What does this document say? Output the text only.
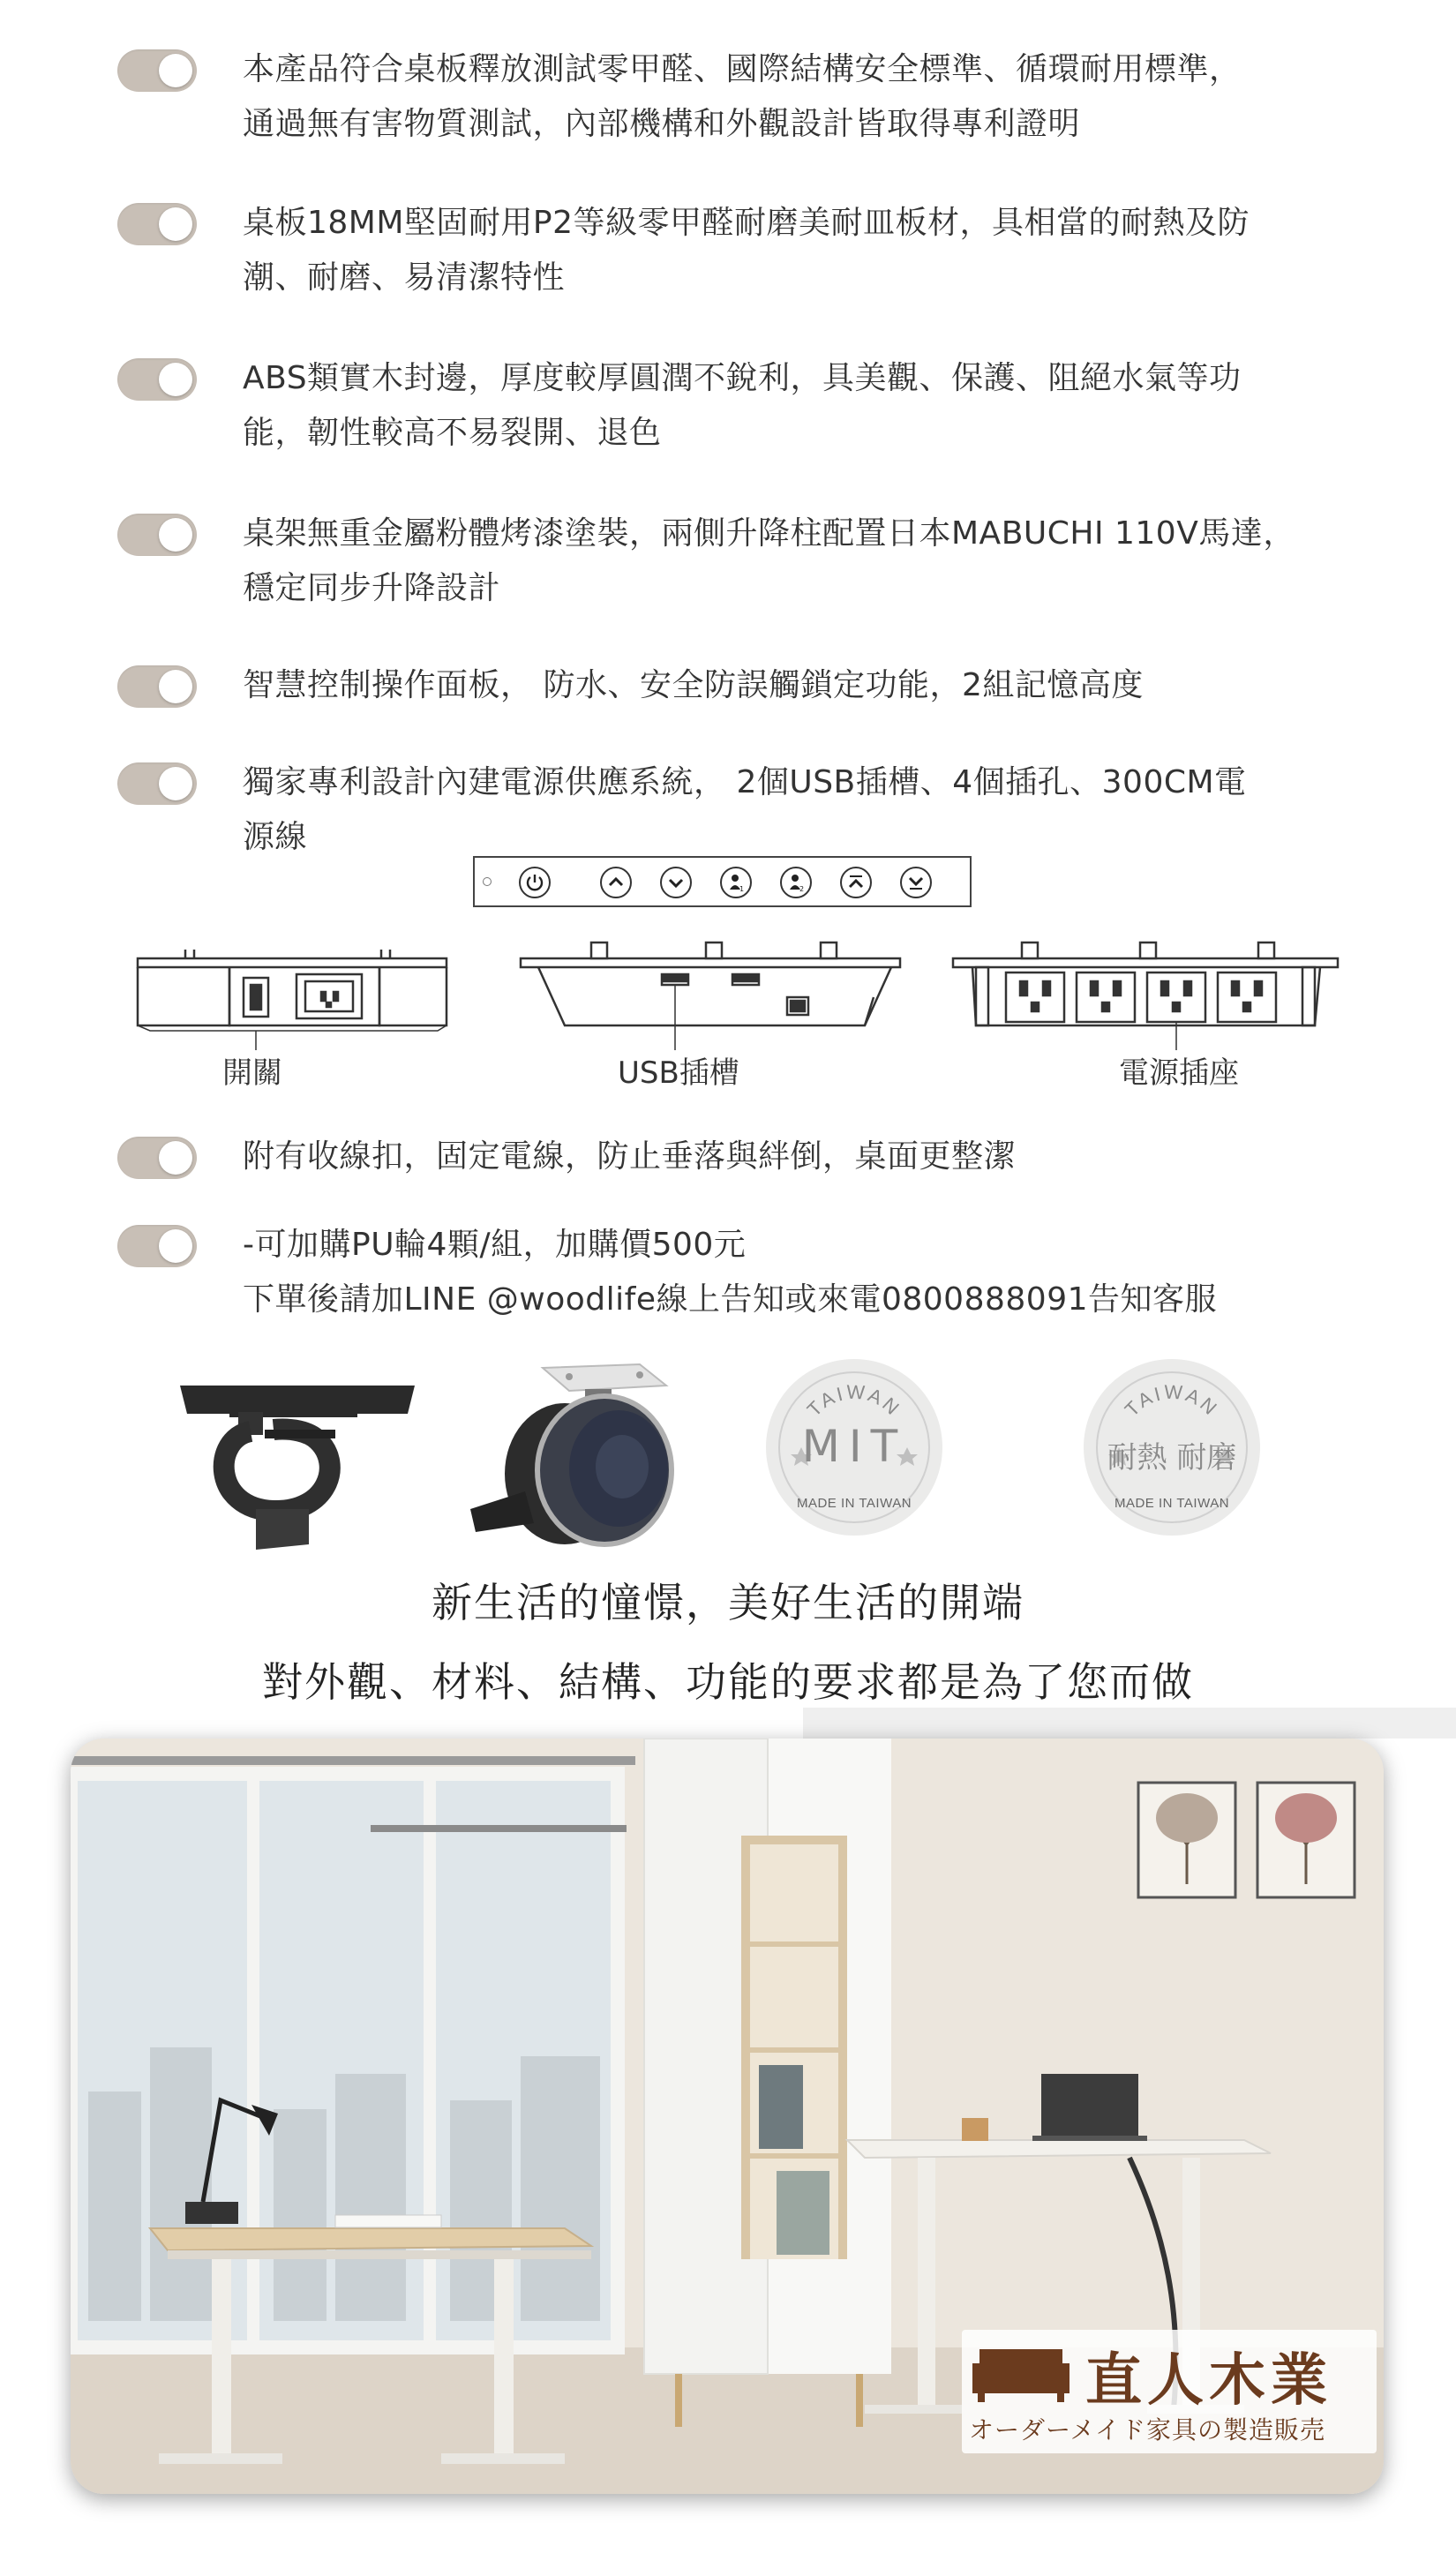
本產品符合桌板釋放測試零甲醛、國際結構安全標準、循環耐用標準，
通過無有害物質測試，內部機構和外觀設計皆取得專利證明
桌板18MM堅固耐用P2等級零甲醛耐磨美耐皿板材，具相當的耐熱及防
潮、耐磨、易清潔特性
ABS類實木封邊，厚度較厚圓潤不銳利，具美觀、保護、阻絕水氣等功
能，韌性較高不易裂開、退色
桌架無重金屬粉體烤漆塗裝，兩側升降柱配置日本MABUCHI 110V馬達，
穩定同步升降設計
智慧控制操作面板， 防水、安全防誤觸鎖定功能，2組記憶高度
獨家專利設計內建電源供應系統， 2個USB插槽、4個插孔、300CM電
源線
1	2
開關	USB插槽	電源插座
附有收線扣，固定電線，防止垂落與絆倒，桌面更整潔
-可加購PU輪4顆/組，加購價500元
下單後請加LINE @woodlife線上告知或來電0800888091告知客服
TAIWAN
MIT
MADE IN TAIWAN
TAIWAN
耐熱 耐磨
MADE IN TAIWAN
新生活的憧憬，美好生活的開端
對外觀、材料、結構、功能的要求都是為了您而做
直人木業
オーダーメイド家具の製造販売
